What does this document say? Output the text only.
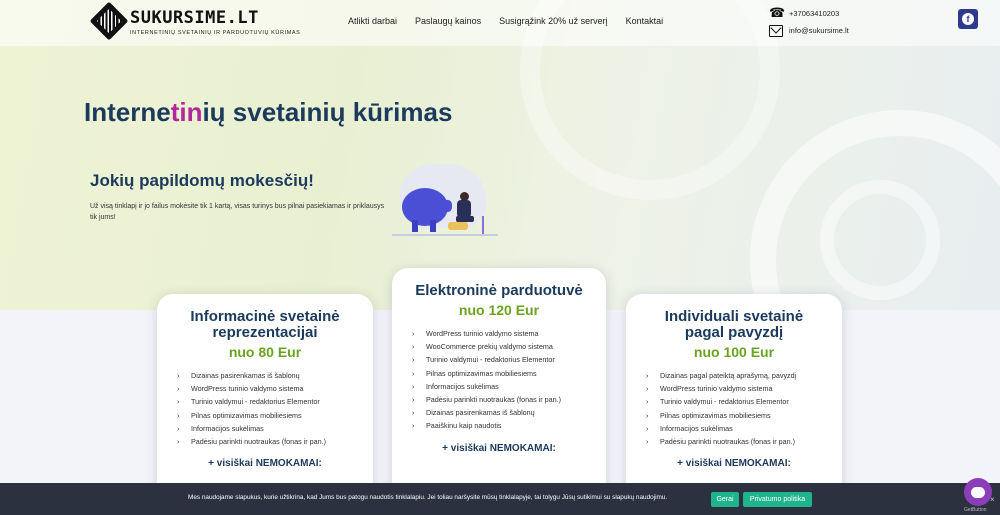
SUKURSIME.LT
INTERNETINIŲ SVETAINIŲ IR PARDUOTUVIŲ KŪRIMAS
Atlikti darbai Paslaugų kainos Susigrąžink 20% už serverį Kontaktai
☎
+37063410203
info@sukursime.lt
f
Internetinių svetainių kūrimas
Jokių papildomų mokesčių!

Už visą tinklapį ir jo failus mokėsite tik 1 kartą, visas turinys bus pilnai pasiekiamas ir priklausys tik jums!

Informacinė svetainė reprezentacijai
nuo 80 Eur
› Dizainas pasirenkamas iš šablonų
› WordPress turinio valdymo sistema
› Turinio valdymui - redaktorius Elementor
› Pilnas optimizavimas mobiliesiems
› Informacijos sukėlimas
› Padėsiu parinkti nuotraukas (fonas ir pan.)
+ visiškai NEMOKAMAI:
Elektroninė parduotuvė
nuo 120 Eur
› WordPress turinio valdymo sistema
› WooCommerce prekių valdymo sistema
› Turinio valdymui - redaktorius Elementor
› Pilnas optimizavimas mobiliesiems
› Informacijos sukėlimas
› Padėsiu parinkti nuotraukas (fonas ir pan.)
› Dizainas pasirenkamas iš šablonų
› Paaiškinu kaip naudotis
+ visiškai NEMOKAMAI:
Individuali svetainė pagal pavyzdį
nuo 100 Eur
› Dizainas pagal pateiktą aprašymą, pavyzdį
› WordPress turinio valdymo sistema
› Turinio valdymui - redaktorius Elementor
› Pilnas optimizavimas mobiliesiems
› Informacijos sukėlimas
› Padėsiu parinkti nuotraukas (fonas ir pan.)
+ visiškai NEMOKAMAI:
Mes naudojame slapukus, kurie užtikrina, kad Jums bus patogu naudotis tinklalapiu. Jei toliau naršysite mūsų tinklalapyje, tai tolygu Jūsų sutikimui su slapukų naudojimu.	Gerai	Privatumo politika	×
GetButton
